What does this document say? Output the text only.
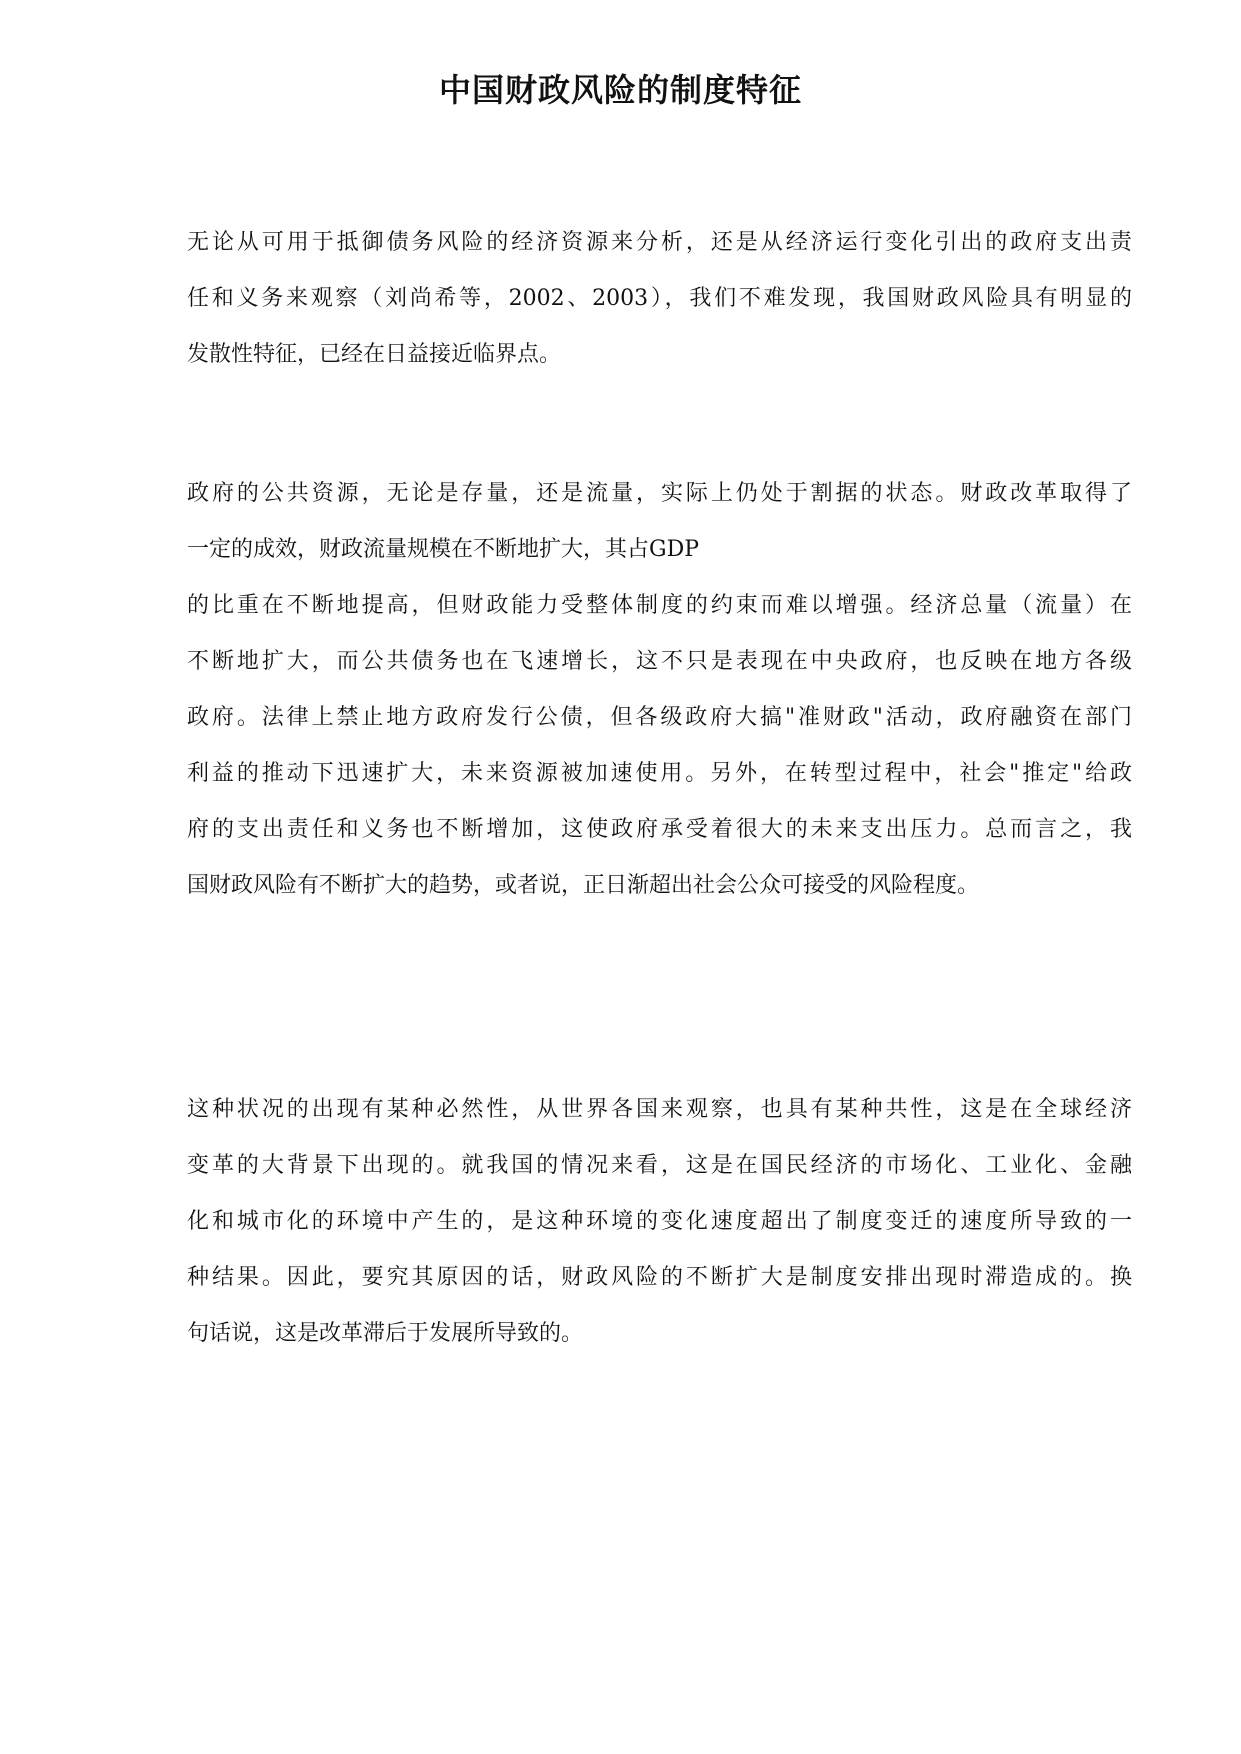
中国财政风险的制度特征
无论从可用于抵御债务风险的经济资源来分析，还是从经济运行变化引出的政府支出责
任和义务来观察（刘尚希等，2002、2003），我们不难发现，我国财政风险具有明显的
发散性特征，已经在日益接近临界点。
政府的公共资源，无论是存量，还是流量，实际上仍处于割据的状态。财政改革取得了
一定的成效，财政流量规模在不断地扩大，其占GDP
的比重在不断地提高，但财政能力受整体制度的约束而难以增强。经济总量（流量）在
不断地扩大，而公共债务也在飞速增长，这不只是表现在中央政府，也反映在地方各级
政府。法律上禁止地方政府发行公债，但各级政府大搞"准财政"活动，政府融资在部门
利益的推动下迅速扩大，未来资源被加速使用。另外，在转型过程中，社会"推定"给政
府的支出责任和义务也不断增加，这使政府承受着很大的未来支出压力。总而言之，我
国财政风险有不断扩大的趋势，或者说，正日渐超出社会公众可接受的风险程度。
这种状况的出现有某种必然性，从世界各国来观察，也具有某种共性，这是在全球经济
变革的大背景下出现的。就我国的情况来看，这是在国民经济的市场化、工业化、金融
化和城市化的环境中产生的，是这种环境的变化速度超出了制度变迁的速度所导致的一
种结果。因此，要究其原因的话，财政风险的不断扩大是制度安排出现时滞造成的。换
句话说，这是改革滞后于发展所导致的。
